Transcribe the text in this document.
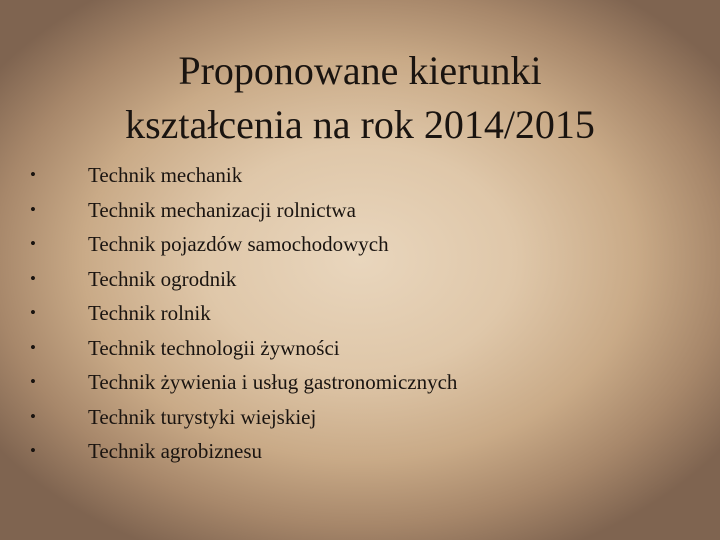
Proponowane kierunki
kształcenia na rok 2014/2015
• Technik mechanik
• Technik mechanizacji rolnictwa
• Technik pojazdów samochodowych
• Technik ogrodnik
• Technik rolnik
• Technik technologii żywności
• Technik żywienia i usług gastronomicznych
• Technik turystyki wiejskiej
• Technik agrobiznesu
